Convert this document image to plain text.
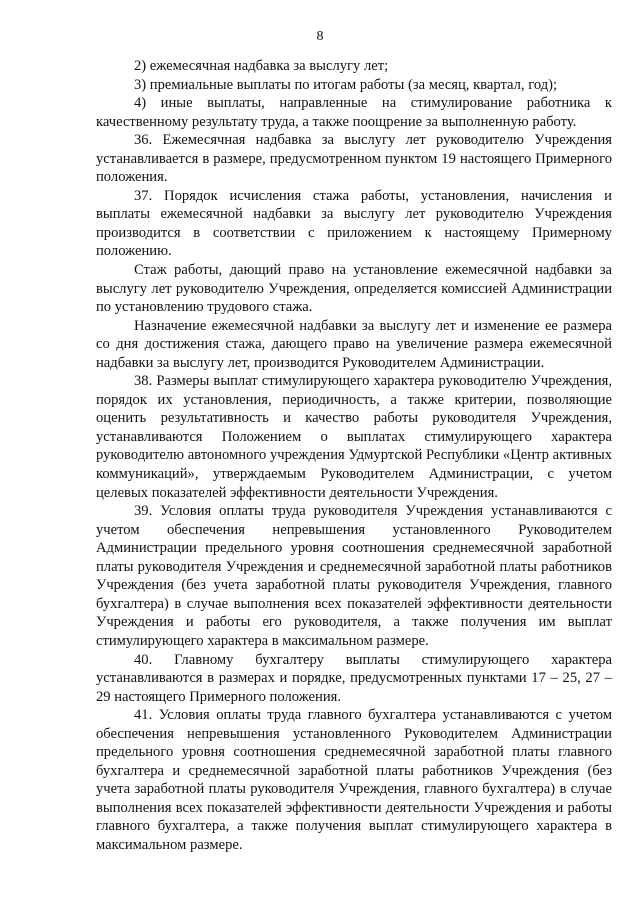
8

2) ежемесячная надбавка за выслугу лет;

3) премиальные выплаты по итогам работы (за месяц, квартал, год);

4) иные выплаты, направленные на стимулирование работника к качественному результату труда, а также поощрение за выполненную работу.

36. Ежемесячная надбавка за выслугу лет руководителю Учреждения устанавливается в размере, предусмотренном пунктом 19 настоящего Примерного положения.

37. Порядок исчисления стажа работы, установления, начисления и выплаты ежемесячной надбавки за выслугу лет руководителю Учреждения производится в соответствии с приложением к настоящему Примерному положению.

Стаж работы, дающий право на установление ежемесячной надбавки за выслугу лет руководителю Учреждения, определяется комиссией Администрации по установлению трудового стажа.

Назначение ежемесячной надбавки за выслугу лет и изменение ее размера со дня достижения стажа, дающего право на увеличение размера ежемесячной надбавки за выслугу лет, производится Руководителем Администрации.

38. Размеры выплат стимулирующего характера руководителю Учреждения, порядок их установления, периодичность, а также критерии, позволяющие оценить результативность и качество работы руководителя Учреждения, устанавливаются Положением о выплатах стимулирующего характера руководителю автономного учреждения Удмуртской Республики «Центр активных коммуникаций», утверждаемым Руководителем Администрации, с учетом целевых показателей эффективности деятельности Учреждения.

39. Условия оплаты труда руководителя Учреждения устанавливаются с учетом обеспечения непревышения установленного Руководителем Администрации предельного уровня соотношения среднемесячной заработной платы руководителя Учреждения и среднемесячной заработной платы работников Учреждения (без учета заработной платы руководителя Учреждения, главного бухгалтера) в случае выполнения всех показателей эффективности деятельности Учреждения и работы его руководителя, а также получения им выплат стимулирующего характера в максимальном размере.

40. Главному бухгалтеру выплаты стимулирующего характера устанавливаются в размерах и порядке, предусмотренных пунктами 17 – 25, 27 – 29 настоящего Примерного положения.

41. Условия оплаты труда главного бухгалтера устанавливаются с учетом обеспечения непревышения установленного Руководителем Администрации предельного уровня соотношения среднемесячной заработной платы главного бухгалтера и среднемесячной заработной платы работников Учреждения (без учета заработной платы руководителя Учреждения, главного бухгалтера) в случае выполнения всех показателей эффективности деятельности Учреждения и работы главного бухгалтера, а также получения выплат стимулирующего характера в максимальном размере.
